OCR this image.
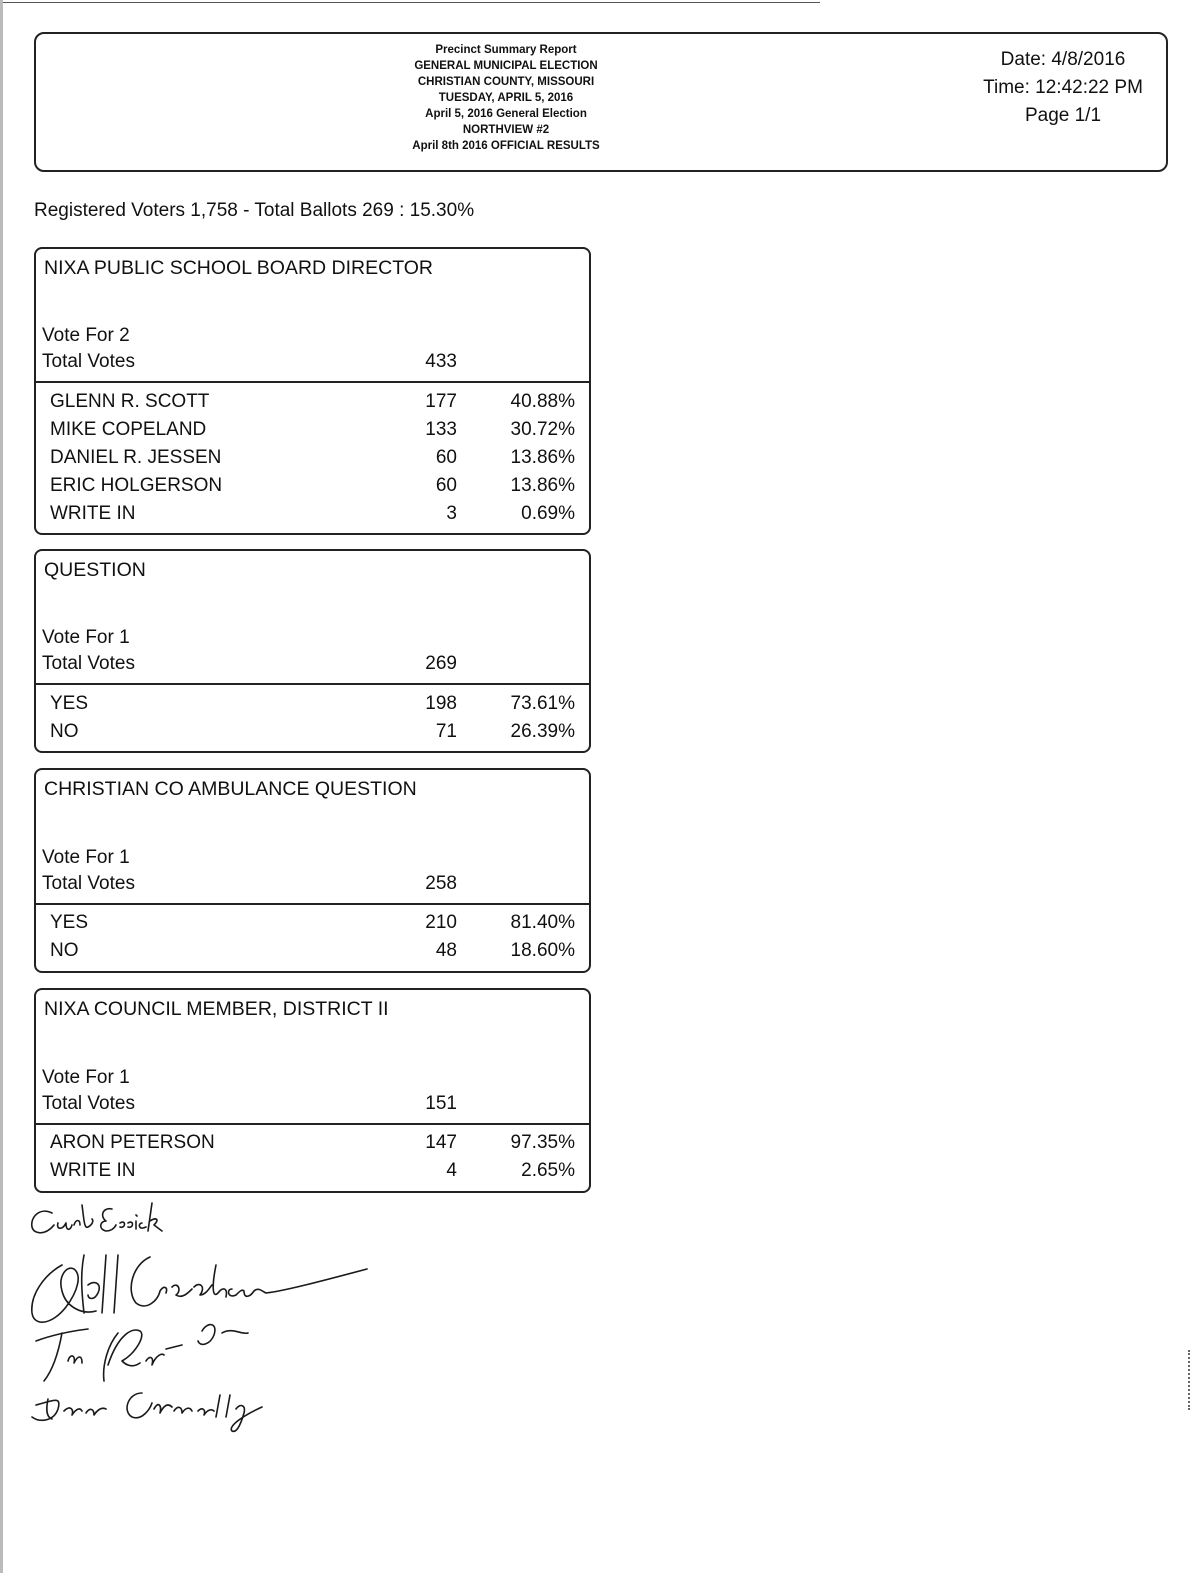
Precinct Summary Report
GENERAL MUNICIPAL ELECTION
CHRISTIAN COUNTY, MISSOURI
TUESDAY, APRIL 5, 2016
April 5, 2016 General Election
NORTHVIEW #2
April 8th 2016 OFFICIAL RESULTS
Date: 4/8/2016
Time: 12:42:22 PM
Page 1/1
Registered Voters 1,758 - Total Ballots 269 : 15.30%
NIXA PUBLIC SCHOOL BOARD DIRECTOR
Vote For 2
Total Votes	433
GLENN R. SCOTT	177	40.88%
MIKE COPELAND	133	30.72%
DANIEL R. JESSEN	60	13.86%
ERIC HOLGERSON	60	13.86%
WRITE IN	3	0.69%
QUESTION
Vote For 1
Total Votes	269
YES	198	73.61%
NO	71	26.39%
CHRISTIAN CO AMBULANCE QUESTION
Vote For 1
Total Votes	258
YES	210	81.40%
NO	48	18.60%
NIXA COUNCIL MEMBER, DISTRICT II
Vote For 1
Total Votes	151
ARON PETERSON	147	97.35%
WRITE IN	4	2.65%
